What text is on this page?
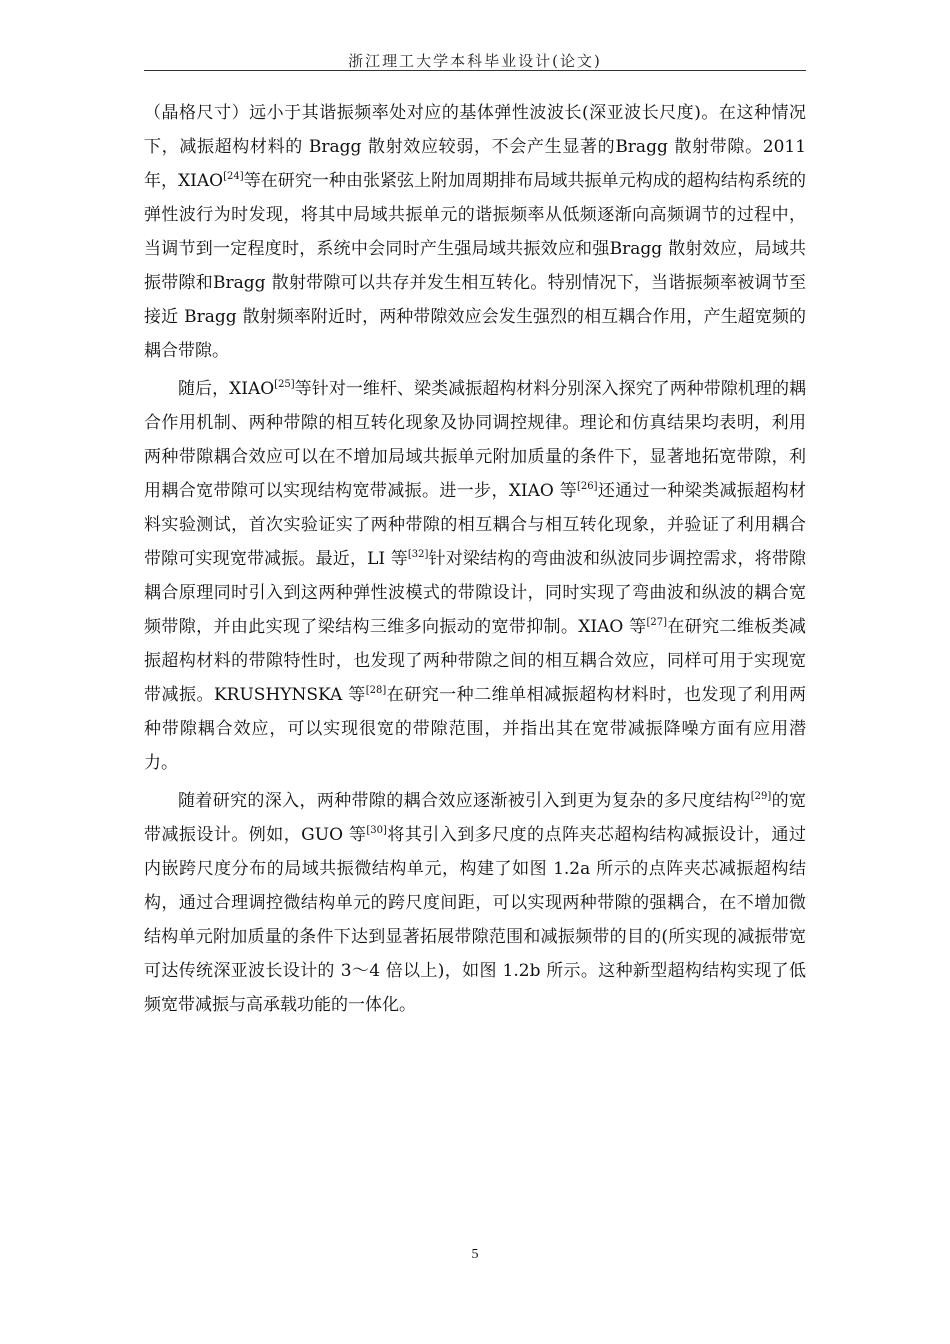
浙江理工大学本科毕业设计(论文)

（晶格尺寸）远小于其谐振频率处对应的基体弹性波波长(深亚波长尺度)。在这种情况下，减振超构材料的 Bragg 散射效应较弱，不会产生显著的Bragg 散射带隙。2011 年，XIAO[24]等在研究一种由张紧弦上附加周期排布局域共振单元构成的超构结构系统的弹性波行为时发现，将其中局域共振单元的谐振频率从低频逐渐向高频调节的过程中，当调节到一定程度时，系统中会同时产生强局域共振效应和强Bragg 散射效应，局域共振带隙和Bragg 散射带隙可以共存并发生相互转化。特别情况下，当谐振频率被调节至接近 Bragg 散射频率附近时，两种带隙效应会发生强烈的相互耦合作用，产生超宽频的耦合带隙。

随后，XIAO[25]等针对一维杆、梁类减振超构材料分别深入探究了两种带隙机理的耦合作用机制、两种带隙的相互转化现象及协同调控规律。理论和仿真结果均表明，利用两种带隙耦合效应可以在不增加局域共振单元附加质量的条件下，显著地拓宽带隙，利用耦合宽带隙可以实现结构宽带减振。进一步，XIAO 等[26]还通过一种梁类减振超构材料实验测试，首次实验证实了两种带隙的相互耦合与相互转化现象，并验证了利用耦合带隙可实现宽带减振。最近，LI 等[32]针对梁结构的弯曲波和纵波同步调控需求，将带隙耦合原理同时引入到这两种弹性波模式的带隙设计，同时实现了弯曲波和纵波的耦合宽频带隙，并由此实现了梁结构三维多向振动的宽带抑制。XIAO 等[27]在研究二维板类减振超构材料的带隙特性时，也发现了两种带隙之间的相互耦合效应，同样可用于实现宽带减振。KRUSHYNSKA 等[28]在研究一种二维单相减振超构材料时，也发现了利用两种带隙耦合效应，可以实现很宽的带隙范围，并指出其在宽带减振降噪方面有应用潜力。

随着研究的深入，两种带隙的耦合效应逐渐被引入到更为复杂的多尺度结构[29]的宽带减振设计。例如，GUO 等[30]将其引入到多尺度的点阵夹芯超构结构减振设计，通过内嵌跨尺度分布的局域共振微结构单元，构建了如图 1.2a 所示的点阵夹芯减振超构结构，通过合理调控微结构单元的跨尺度间距，可以实现两种带隙的强耦合，在不增加微结构单元附加质量的条件下达到显著拓展带隙范围和减振频带的目的(所实现的减振带宽可达传统深亚波长设计的 3～4 倍以上)，如图 1.2b 所示。这种新型超构结构实现了低频宽带减振与高承载功能的一体化。

5
